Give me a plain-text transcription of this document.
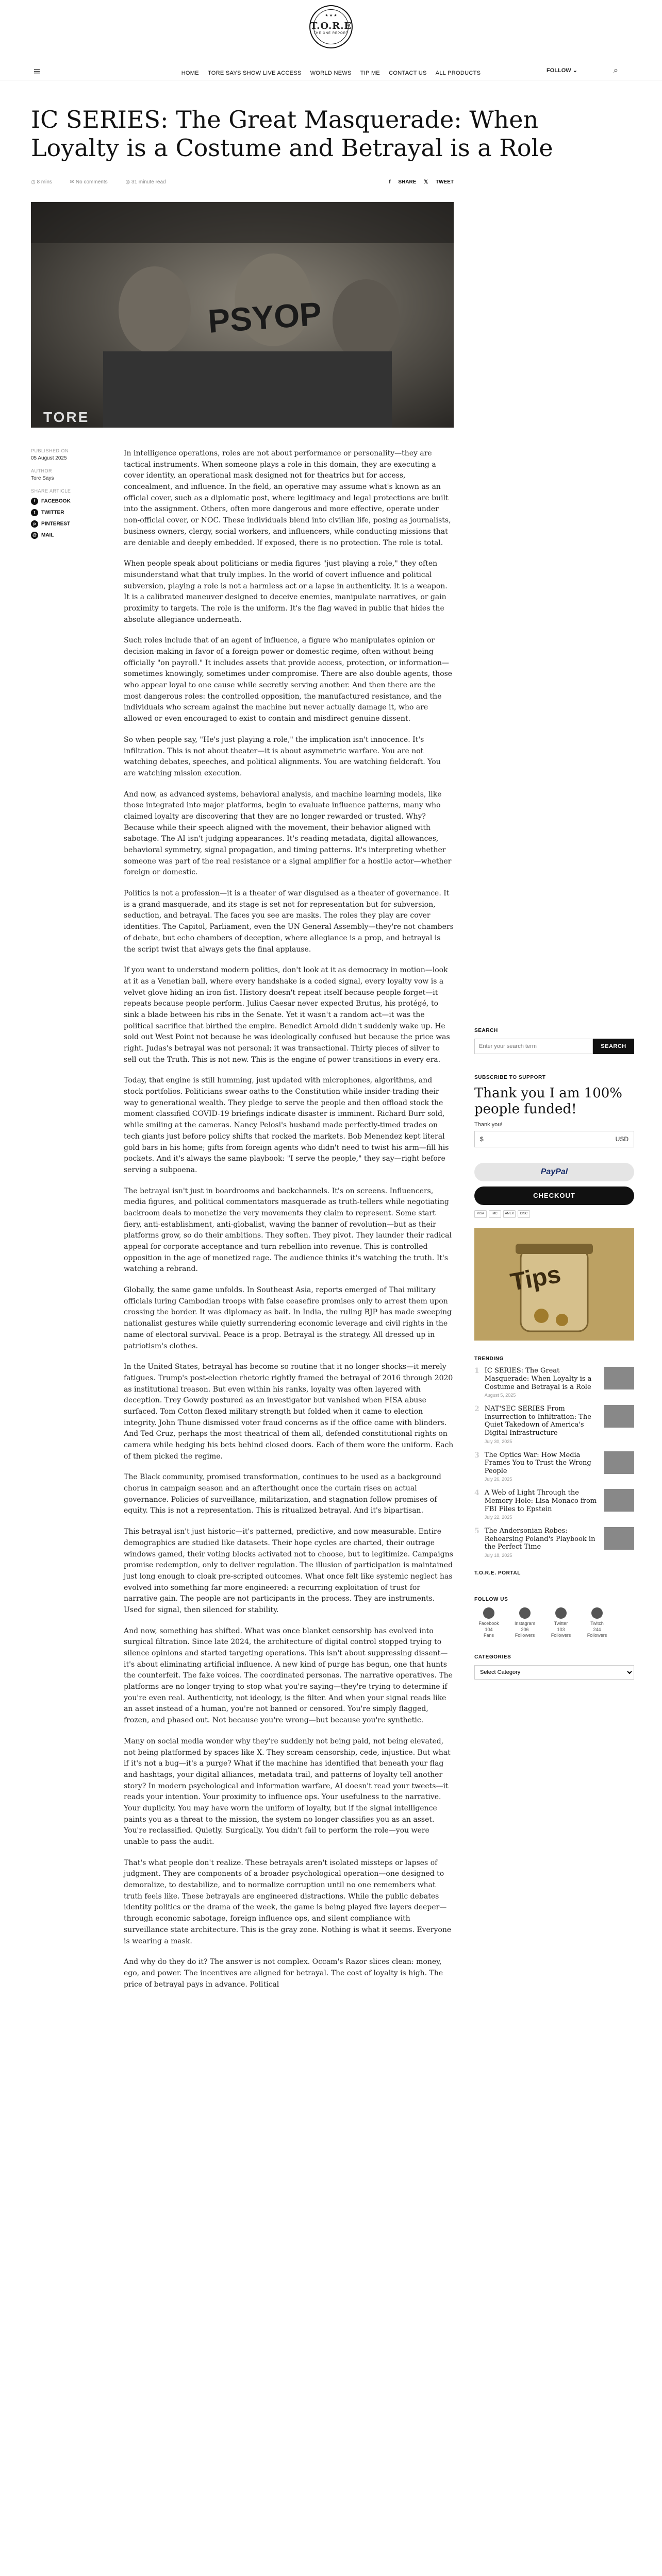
★ ★ ★
T.O.R.E
THE ONE REPORT
≡	HOME TORE SAYS SHOW LIVE ACCESS WORLD NEWS TIP ME CONTACT US ALL PRODUCTS	FOLLOW ⌄	⌕
IC SERIES: The Great Masquerade: When Loyalty is a Costume and Betrayal is a Role
◷ 8 mins	✉ No comments	◎ 31 minute read	f SHARE 𝕏 TWEET
PSYOP
TORE
PUBLISHED ON
05 August 2025
AUTHOR
Tore Says
SHARE ARTICLE
f FACEBOOK
t TWITTER
p PINTEREST
@ MAIL

In intelligence operations, roles are not about performance or personality—they are tactical instruments. When someone plays a role in this domain, they are executing a cover identity, an operational mask designed not for theatrics but for access, concealment, and influence. In the field, an operative may assume what's known as an official cover, such as a diplomatic post, where legitimacy and legal protections are built into the assignment. Others, often more dangerous and more effective, operate under non-official cover, or NOC. These individuals blend into civilian life, posing as journalists, business owners, clergy, social workers, and influencers, while conducting missions that are deniable and deeply embedded. If exposed, there is no protection. The role is total.

When people speak about politicians or media figures "just playing a role," they often misunderstand what that truly implies. In the world of covert influence and political subversion, playing a role is not a harmless act or a lapse in authenticity. It is a weapon. It is a calibrated maneuver designed to deceive enemies, manipulate narratives, or gain proximity to targets. The role is the uniform. It's the flag waved in public that hides the absolute allegiance underneath.

Such roles include that of an agent of influence, a figure who manipulates opinion or decision-making in favor of a foreign power or domestic regime, often without being officially "on payroll." It includes assets that provide access, protection, or information—sometimes knowingly, sometimes under compromise. There are also double agents, those who appear loyal to one cause while secretly serving another. And then there are the most dangerous roles: the controlled opposition, the manufactured resistance, and the individuals who scream against the machine but never actually damage it, who are allowed or even encouraged to exist to contain and misdirect genuine dissent.

So when people say, "He's just playing a role," the implication isn't innocence. It's infiltration. This is not about theater—it is about asymmetric warfare. You are not watching debates, speeches, and political alignments. You are watching fieldcraft. You are watching mission execution.

And now, as advanced systems, behavioral analysis, and machine learning models, like those integrated into major platforms, begin to evaluate influence patterns, many who claimed loyalty are discovering that they are no longer rewarded or trusted. Why? Because while their speech aligned with the movement, their behavior aligned with sabotage. The AI isn't judging appearances. It's reading metadata, digital allowances, behavioral symmetry, signal propagation, and timing patterns. It's interpreting whether someone was part of the real resistance or a signal amplifier for a hostile actor—whether foreign or domestic.

Politics is not a profession—it is a theater of war disguised as a theater of governance. It is a grand masquerade, and its stage is set not for representation but for subversion, seduction, and betrayal. The faces you see are masks. The roles they play are cover identities. The Capitol, Parliament, even the UN General Assembly—they're not chambers of debate, but echo chambers of deception, where allegiance is a prop, and betrayal is the script twist that always gets the final applause.

If you want to understand modern politics, don't look at it as democracy in motion—look at it as a Venetian ball, where every handshake is a coded signal, every loyalty vow is a velvet glove hiding an iron fist. History doesn't repeat itself because people forget—it repeats because people perform. Julius Caesar never expected Brutus, his protégé, to sink a blade between his ribs in the Senate. Yet it wasn't a random act—it was the political sacrifice that birthed the empire. Benedict Arnold didn't suddenly wake up. He sold out West Point not because he was ideologically confused but because the price was right. Judas's betrayal was not personal; it was transactional. Thirty pieces of silver to sell out the Truth. This is not new. This is the engine of power transitions in every era.

Today, that engine is still humming, just updated with microphones, algorithms, and stock portfolios. Politicians swear oaths to the Constitution while insider-trading their way to generational wealth. They pledge to serve the people and then offload stock the moment classified COVID-19 briefings indicate disaster is imminent. Richard Burr sold, while smiling at the cameras. Nancy Pelosi's husband made perfectly-timed trades on tech giants just before policy shifts that rocked the markets. Bob Menendez kept literal gold bars in his home; gifts from foreign agents who didn't need to twist his arm—fill his pockets. And it's always the same playbook: "I serve the people," they say—right before serving a subpoena.

The betrayal isn't just in boardrooms and backchannels. It's on screens. Influencers, media figures, and political commentators masquerade as truth-tellers while negotiating backroom deals to monetize the very movements they claim to represent. Some start fiery, anti-establishment, anti-globalist, waving the banner of revolution—but as their platforms grow, so do their ambitions. They soften. They pivot. They launder their radical appeal for corporate acceptance and turn rebellion into revenue. This is controlled opposition in the age of monetized rage. The audience thinks it's watching the truth. It's watching a rebrand.

Globally, the same game unfolds. In Southeast Asia, reports emerged of Thai military officials luring Cambodian troops with false ceasefire promises only to arrest them upon crossing the border. It was diplomacy as bait. In India, the ruling BJP has made sweeping nationalist gestures while quietly surrendering economic leverage and civil rights in the name of electoral survival. Peace is a prop. Betrayal is the strategy. All dressed up in patriotism's clothes.

In the United States, betrayal has become so routine that it no longer shocks—it merely fatigues. Trump's post-election rhetoric rightly framed the betrayal of 2016 through 2020 as institutional treason. But even within his ranks, loyalty was often layered with deception. Trey Gowdy postured as an investigator but vanished when FISA abuse surfaced. Tom Cotton flexed military strength but folded when it came to election integrity. John Thune dismissed voter fraud concerns as if the office came with blinders. And Ted Cruz, perhaps the most theatrical of them all, defended constitutional rights on camera while hedging his bets behind closed doors. Each of them wore the uniform. Each of them picked the regime.

The Black community, promised transformation, continues to be used as a background chorus in campaign season and an afterthought once the curtain rises on actual governance. Policies of surveillance, militarization, and stagnation follow promises of equity. This is not a representation. This is ritualized betrayal. And it's bipartisan.

This betrayal isn't just historic—it's patterned, predictive, and now measurable. Entire demographics are studied like datasets. Their hope cycles are charted, their outrage windows gamed, their voting blocks activated not to choose, but to legitimize. Campaigns promise redemption, only to deliver regulation. The illusion of participation is maintained just long enough to cloak pre-scripted outcomes. What once felt like systemic neglect has evolved into something far more engineered: a recurring exploitation of trust for narrative gain. The people are not participants in the process. They are instruments. Used for signal, then silenced for stability.

And now, something has shifted. What was once blanket censorship has evolved into surgical filtration. Since late 2024, the architecture of digital control stopped trying to silence opinions and started targeting operations. This isn't about suppressing dissent—it's about eliminating artificial influence. A new kind of purge has begun, one that hunts the counterfeit. The fake voices. The coordinated personas. The narrative operatives. The platforms are no longer trying to stop what you're saying—they're trying to determine if you're even real. Authenticity, not ideology, is the filter. And when your signal reads like an asset instead of a human, you're not banned or censored. You're simply flagged, frozen, and phased out. Not because you're wrong—but because you're synthetic.

Many on social media wonder why they're suddenly not being paid, not being elevated, not being platformed by spaces like X. They scream censorship, cede, injustice. But what if it's not a bug—it's a purge? What if the machine has identified that beneath your flag and hashtags, your digital alliances, metadata trail, and patterns of loyalty tell another story? In modern psychological and information warfare, AI doesn't read your tweets—it reads your intention. Your proximity to influence ops. Your usefulness to the narrative. Your duplicity. You may have worn the uniform of loyalty, but if the signal intelligence paints you as a threat to the mission, the system no longer classifies you as an asset. You're reclassified. Quietly. Surgically. You didn't fail to perform the role—you were unable to pass the audit.

That's what people don't realize. These betrayals aren't isolated missteps or lapses of judgment. They are components of a broader psychological operation—one designed to demoralize, to destabilize, and to normalize corruption until no one remembers what truth feels like. These betrayals are engineered distractions. While the public debates identity politics or the drama of the week, the game is being played five layers deeper—through economic sabotage, foreign influence ops, and silent compliance with surveillance state architecture. This is the gray zone. Nothing is what it seems. Everyone is wearing a mask.

And why do they do it? The answer is not complex. Occam's Razor slices clean: money, ego, and power. The incentives are aligned for betrayal. The cost of loyalty is high. The price of betrayal pays in advance. Political

SEARCH
Enter your search term
SEARCH
SUBSCRIBE TO SUPPORT
Thank you I am 100% people funded!
Thank you!
$	USD
PayPal
CHECKOUT
VISA	MC	AMEX	DISC
Tips
TRENDING
1 IC SERIES: The Great Masquerade: When Loyalty is a Costume and Betrayal is a Role
August 5, 2025
2 NAT'SEC SERIES From Insurrection to Infiltration: The Quiet Takedown of America's Digital Infrastructure
July 30, 2025
3 The Optics War: How Media Frames You to Trust the Wrong People
July 26, 2025
4 A Web of Light Through the Memory Hole: Lisa Monaco from FBI Files to Epstein
July 22, 2025
5 The Andersonian Robes: Rehearsing Poland's Playbook in the Perfect Time
July 18, 2025
T.O.R.E. PORTAL
FOLLOW US
Facebook
104
Fans
Instagram
206
Followers
Twitter
103
Followers
Twitch
244
Followers
CATEGORIES
Select Category
